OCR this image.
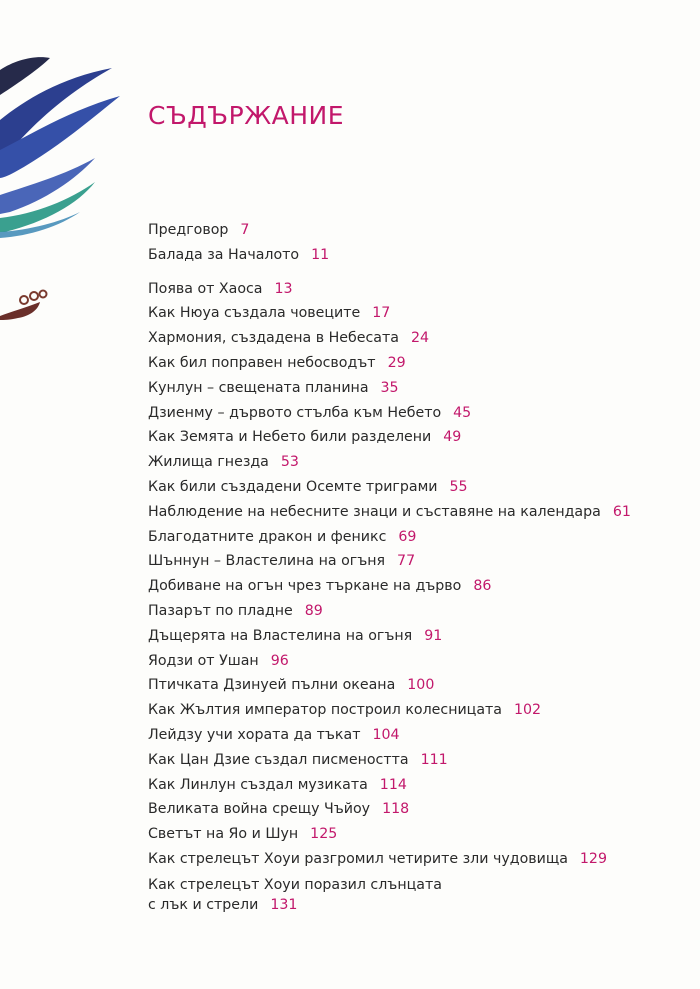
СЪДЪРЖАНИЕ
Предговор 7
Балада за Началото 11
Поява от Хаоса 13
Как Нюуа създала човеците 17
Хармония, създадена в Небесата 24
Как бил поправен небосводът 29
Кунлун – свещената планина 35
Дзиенму – дървото стълба към Небето 45
Как Земята и Небето били разделени 49
Жилища гнезда 53
Как били създадени Осемте триграми 55
Наблюдение на небесните знаци и съставяне на календара 61
Благодатните дракон и феникс 69
Шъннун – Властелина на огъня 77
Добиване на огън чрез търкане на дърво 86
Пазарът по пладне 89
Дъщерята на Властелина на огъня 91
Яодзи от Ушан 96
Птичката Дзинуей пълни океана 100
Как Жълтия император построил колесницата 102
Лейдзу учи хората да тъкат 104
Как Цан Дзие създал писмеността 111
Как Линлун създал музиката 114
Великата война срещу Чъйоу 118
Светът на Яо и Шун 125
Как стрелецът Хоуи разгромил четирите зли чудовища 129
Как стрелецът Хоуи поразил слънцата
с лък и стрели 131
